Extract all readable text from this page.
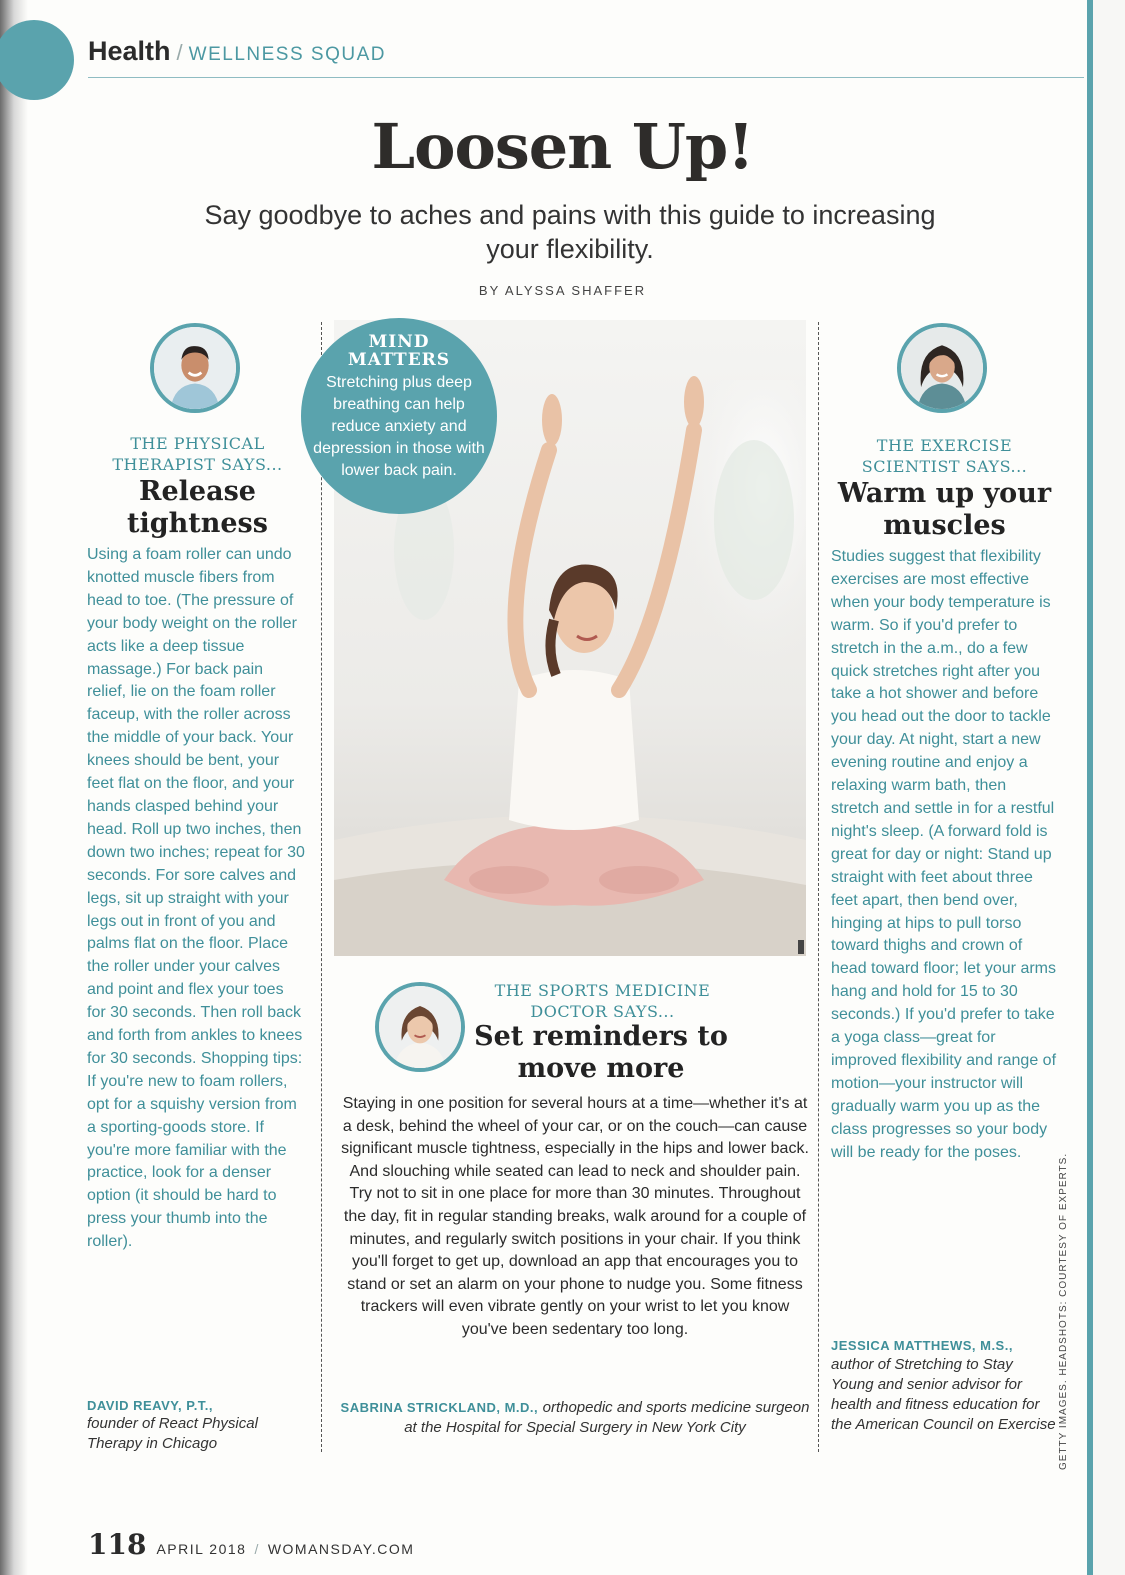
Health / WELLNESS SQUAD
Loosen Up!
Say goodbye to aches and pains with this guide to increasing your flexibility.
BY ALYSSA SHAFFER
THE PHYSICAL THERAPIST SAYS...
Release tightness

Using a foam roller can undo knotted muscle fibers from head to toe. (The pressure of your body weight on the roller acts like a deep tissue massage.) For back pain relief, lie on the foam roller faceup, with the roller across the middle of your back. Your knees should be bent, your feet flat on the floor, and your hands clasped behind your head. Roll up two inches, then down two inches; repeat for 30 seconds. For sore calves and legs, sit up straight with your legs out in front of you and palms flat on the floor. Place the roller under your calves and point and flex your toes for 30 seconds. Then roll back and forth from ankles to knees for 30 seconds. Shopping tips: If you're new to foam rollers, opt for a squishy version from a sporting-goods store. If you're more familiar with the practice, look for a denser option (it should be hard to press your thumb into the roller).

DAVID REAVY, P.T.,
founder of React Physical Therapy in Chicago
MIND MATTERS
Stretching plus deep breathing can help reduce anxiety and depression in those with lower back pain.
THE SPORTS MEDICINE DOCTOR SAYS...
Set reminders to move more

Staying in one position for several hours at a time—whether it's at a desk, behind the wheel of your car, or on the couch—can cause significant muscle tightness, especially in the hips and lower back. And slouching while seated can lead to neck and shoulder pain. Try not to sit in one place for more than 30 minutes. Throughout the day, fit in regular standing breaks, walk around for a couple of minutes, and regularly switch positions in your chair. If you think you'll forget to get up, download an app that encourages you to stand or set an alarm on your phone to nudge you. Some fitness trackers will even vibrate gently on your wrist to let you know you've been sedentary too long.

SABRINA STRICKLAND, M.D., orthopedic and sports medicine surgeon at the Hospital for Special Surgery in New York City
THE EXERCISE SCIENTIST SAYS...
Warm up your muscles

Studies suggest that flexibility exercises are most effective when your body temperature is warm. So if you'd prefer to stretch in the a.m., do a few quick stretches right after you take a hot shower and before you head out the door to tackle your day. At night, start a new evening routine and enjoy a relaxing warm bath, then stretch and settle in for a restful night's sleep. (A forward fold is great for day or night: Stand up straight with feet about three feet apart, then bend over, hinging at hips to pull torso toward thighs and crown of head toward floor; let your arms hang and hold for 15 to 30 seconds.) If you'd prefer to take a yoga class—great for improved flexibility and range of motion—your instructor will gradually warm you up as the class progresses so your body will be ready for the poses.

JESSICA MATTHEWS, M.S.,
author of Stretching to Stay Young and senior advisor for health and fitness education for the American Council on Exercise
118 APRIL 2018 / WOMANSDAY.COM
GETTY IMAGES. HEADSHOTS: COURTESY OF EXPERTS.
